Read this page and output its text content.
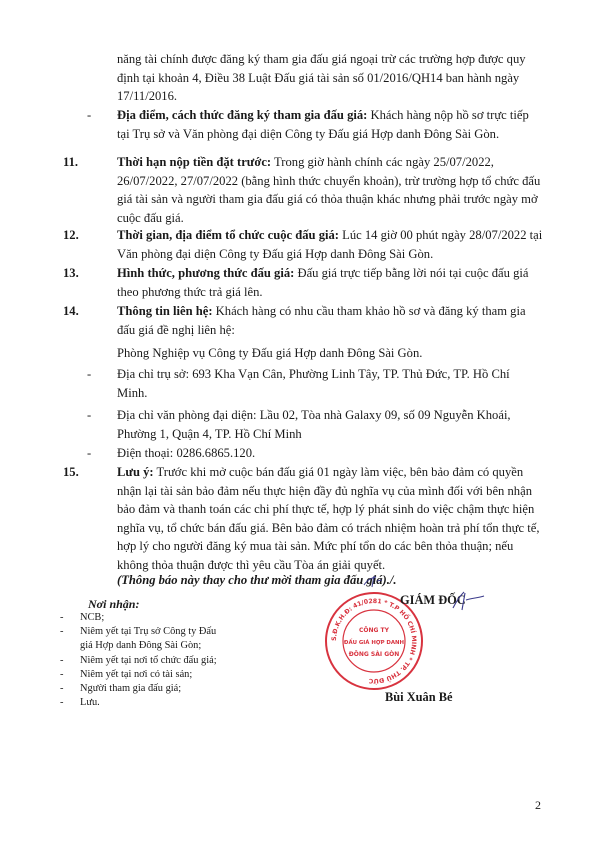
năng tài chính được đăng ký tham gia đấu giá ngoại trừ các trường hợp được quy
định tại khoản 4, Điều 38 Luật Đấu giá tài sản số 01/2016/QH14 ban hành ngày
17/11/2016.
- Địa điểm, cách thức đăng ký tham gia đấu giá: Khách hàng nộp hồ sơ trực tiếp
tại Trụ sở và Văn phòng đại diện Công ty Đấu giá Hợp danh Đông Sài Gòn.
11.	Thời hạn nộp tiền đặt trước: Trong giờ hành chính các ngày 25/07/2022,
26/07/2022, 27/07/2022 (bằng hình thức chuyển khoản), trừ trường hợp tổ chức đấu
giá tài sản và người tham gia đấu giá có thỏa thuận khác nhưng phải trước ngày mở
cuộc đấu giá.
12.	Thời gian, địa điểm tổ chức cuộc đấu giá: Lúc 14 giờ 00 phút ngày 28/07/2022 tại
Văn phòng đại diện Công ty Đấu giá Hợp danh Đông Sài Gòn.
13.	Hình thức, phương thức đấu giá: Đấu giá trực tiếp bằng lời nói tại cuộc đấu giá
theo phương thức trả giá lên.
14.	Thông tin liên hệ: Khách hàng có nhu cầu tham khảo hồ sơ và đăng ký tham gia
đấu giá đề nghị liên hệ:
Phòng Nghiệp vụ Công ty Đấu giá Hợp danh Đông Sài Gòn.
- Địa chỉ trụ sở: 693 Kha Vạn Cân, Phường Linh Tây, TP. Thủ Đức, TP. Hồ Chí
Minh.
- Địa chỉ văn phòng đại diện: Lầu 02, Tòa nhà Galaxy 09, số 09 Nguyễn Khoái,
Phường 1, Quận 4, TP. Hồ Chí Minh
- Điện thoại: 0286.6865.120.
15.	Lưu ý: Trước khi mở cuộc bán đấu giá 01 ngày làm việc, bên bảo đảm có quyền
nhận lại tài sản bảo đảm nếu thực hiện đầy đủ nghĩa vụ của mình đối với bên nhận
bảo đảm và thanh toán các chi phí thực tế, hợp lý phát sinh do việc chậm thực hiện
nghĩa vụ, tổ chức bán đấu giá. Bên bảo đảm có trách nhiệm hoàn trả phí tổn thực tế,
hợp lý cho người đăng ký mua tài sản. Mức phí tổn do các bên thỏa thuận; nếu
không thỏa thuận được thì yêu cầu Tòa án giải quyết.
(Thông báo này thay cho thư mời tham gia đấu giá)./.
Nơi nhận:
- NCB;
- Niêm yết tại Trụ sở Công ty Đấu
giá Hợp danh Đông Sài Gòn;
- Niêm yết tại nơi tổ chức đấu giá;
- Niêm yết tại nơi có tài sản;
- Người tham gia đấu giá;
- Lưu.
S.Đ.K.H.Đ: 41/0281 * T.P HỒ CHÍ MINH * TP. THỦ ĐỨC
CÔNG TY
ĐẤU GIÁ HỢP DANH
ĐÔNG SÀI GÒN
GIÁM ĐỐC
Bùi Xuân Bé
2
